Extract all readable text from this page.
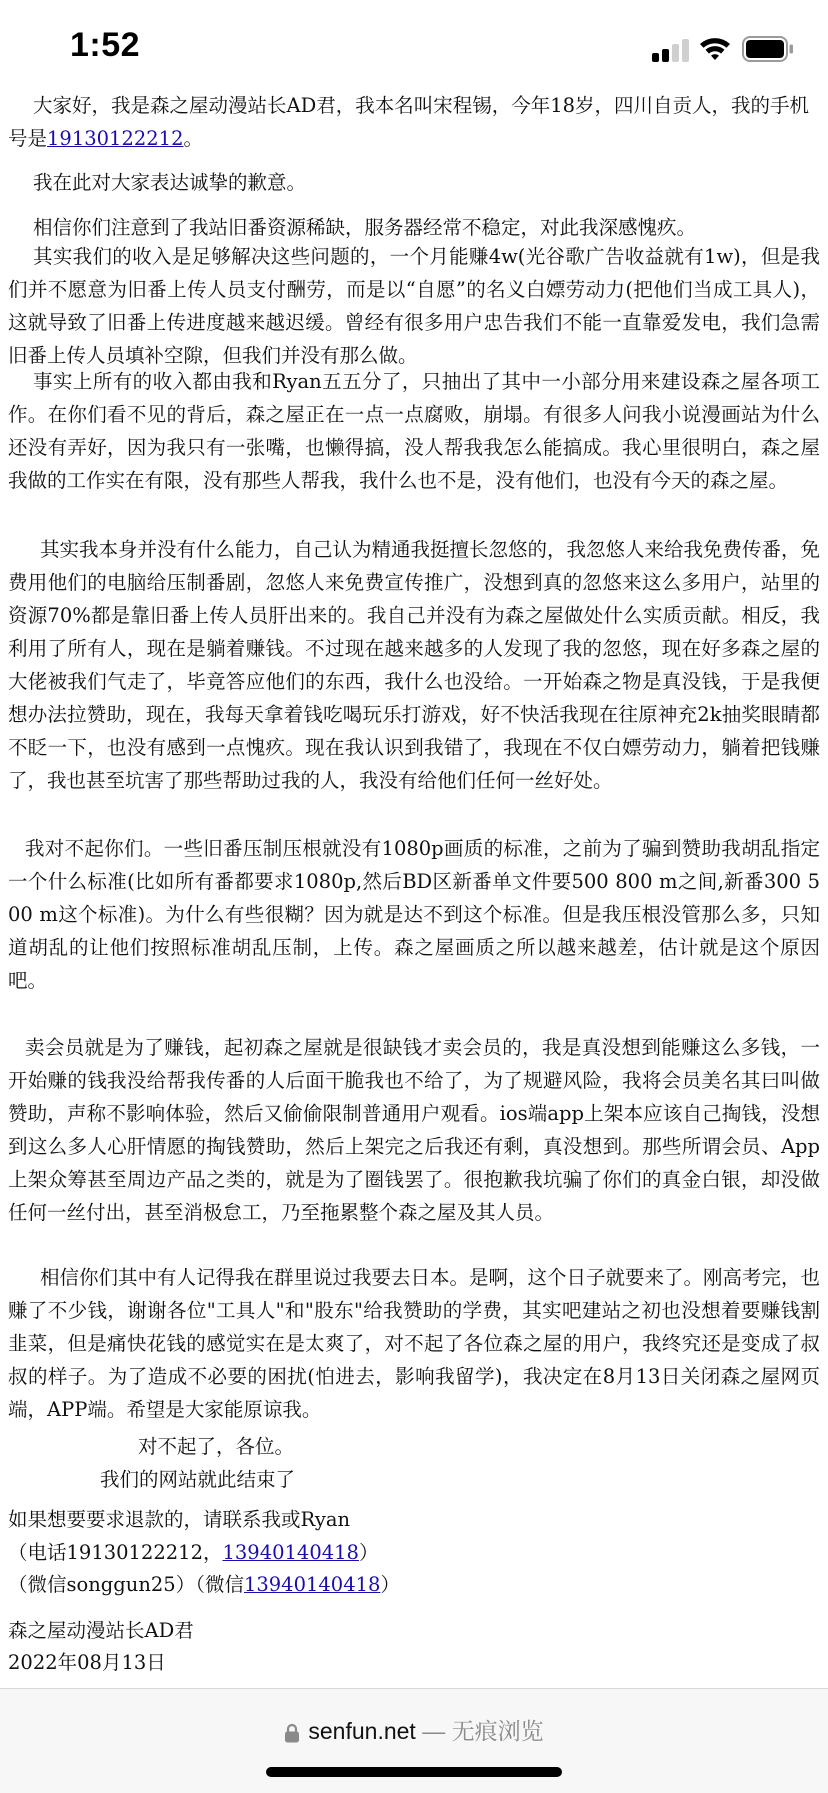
1:52

大家好，我是森之屋动漫站长AD君，我本名叫宋程锡，今年18岁，四川自贡人，我的手机号是19130122212。

我在此对大家表达诚挚的歉意。

相信你们注意到了我站旧番资源稀缺，服务器经常不稳定，对此我深感愧疚。

其实我们的收入是足够解决这些问题的，一个月能赚4w(光谷歌广告收益就有1w)，但是我们并不愿意为旧番上传人员支付酬劳，而是以“自愿”的名义白嫖劳动力(把他们当成工具人)，这就导致了旧番上传进度越来越迟缓。曾经有很多用户忠告我们不能一直靠爱发电，我们急需旧番上传人员填补空隙，但我们并没有那么做。

事实上所有的收入都由我和Ryan五五分了，只抽出了其中一小部分用来建设森之屋各项工作。在你们看不见的背后，森之屋正在一点一点腐败，崩塌。有很多人问我小说漫画站为什么还没有弄好，因为我只有一张嘴，也懒得搞，没人帮我我怎么能搞成。我心里很明白，森之屋我做的工作实在有限，没有那些人帮我，我什么也不是，没有他们，也没有今天的森之屋。

其实我本身并没有什么能力，自己认为精通我挺擅长忽悠的，我忽悠人来给我免费传番，免费用他们的电脑给压制番剧，忽悠人来免费宣传推广，没想到真的忽悠来这么多用户，站里的资源70%都是靠旧番上传人员肝出来的。我自己并没有为森之屋做处什么实质贡献。相反，我利用了所有人，现在是躺着赚钱。不过现在越来越多的人发现了我的忽悠，现在好多森之屋的大佬被我们气走了，毕竟答应他们的东西，我什么也没给。一开始森之物是真没钱，于是我便想办法拉赞助，现在，我每天拿着钱吃喝玩乐打游戏，好不快活我现在往原神充2k抽奖眼睛都不眨一下，也没有感到一点愧疚。现在我认识到我错了，我现在不仅白嫖劳动力，躺着把钱赚了，我也甚至坑害了那些帮助过我的人，我没有给他们任何一丝好处。

我对不起你们。一些旧番压制压根就没有1080p画质的标准，之前为了骗到赞助我胡乱指定一个什么标准(比如所有番都要求1080p,然后BD区新番单文件要500 800 m之间,新番300 500 m这个标准)。为什么有些很糊？因为就是达不到这个标准。但是我压根没管那么多，只知道胡乱的让他们按照标准胡乱压制，上传。森之屋画质之所以越来越差，估计就是这个原因吧。

卖会员就是为了赚钱，起初森之屋就是很缺钱才卖会员的，我是真没想到能赚这么多钱，一开始赚的钱我没给帮我传番的人后面干脆我也不给了，为了规避风险，我将会员美名其曰叫做赞助，声称不影响体验，然后又偷偷限制普通用户观看。ios端app上架本应该自己掏钱，没想到这么多人心肝情愿的掏钱赞助，然后上架完之后我还有剩，真没想到。那些所谓会员、App上架众筹甚至周边产品之类的，就是为了圈钱罢了。很抱歉我坑骗了你们的真金白银，却没做任何一丝付出，甚至消极怠工，乃至拖累整个森之屋及其人员。

相信你们其中有人记得我在群里说过我要去日本。是啊，这个日子就要来了。刚高考完，也赚了不少钱，谢谢各位"工具人"和"股东"给我赞助的学费，其实吧建站之初也没想着要赚钱割韭菜，但是痛快花钱的感觉实在是太爽了，对不起了各位森之屋的用户，我终究还是变成了叔叔的样子。为了造成不必要的困扰(怕进去，影响我留学)，我决定在8月13日关闭森之屋网页端，APP端。希望是大家能原谅我。

对不起了，各位。

我们的网站就此结束了

如果想要要求退款的，请联系我或Ryan

（电话19130122212，13940140418）

（微信songgun25）（微信13940140418）

森之屋动漫站长AD君

2022年08月13日

senfun.net — 无痕浏览
